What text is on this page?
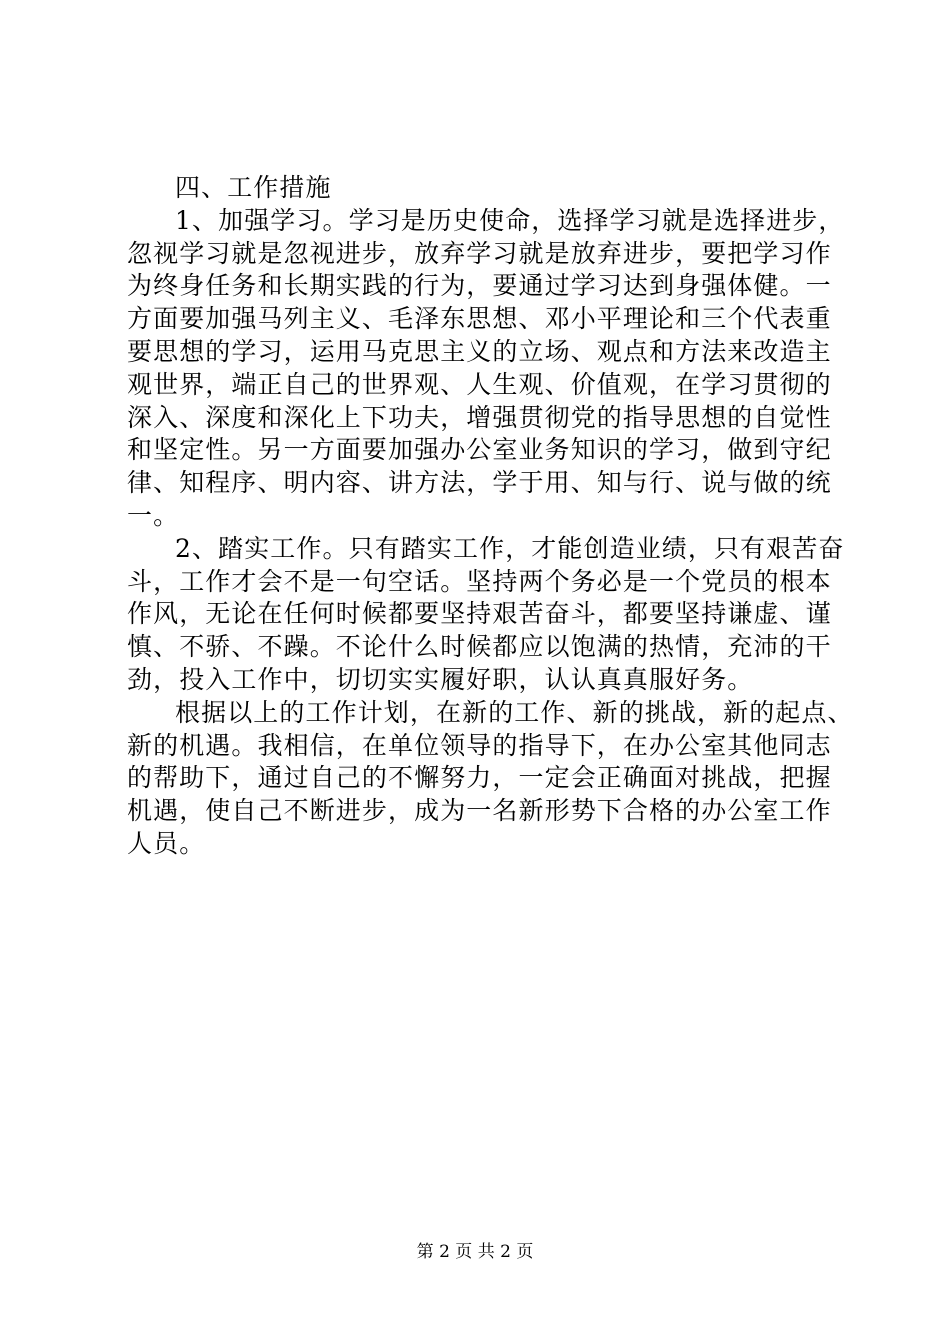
四、工作措施
1、加强学习。学习是历史使命，选择学习就是选择进步，
忽视学习就是忽视进步，放弃学习就是放弃进步，要把学习作
为终身任务和长期实践的行为，要通过学习达到身强体健。一
方面要加强马列主义、毛泽东思想、邓小平理论和三个代表重
要思想的学习，运用马克思主义的立场、观点和方法来改造主
观世界，端正自己的世界观、人生观、价值观，在学习贯彻的
深入、深度和深化上下功夫，增强贯彻党的指导思想的自觉性
和坚定性。另一方面要加强办公室业务知识的学习，做到守纪
律、知程序、明内容、讲方法，学于用、知与行、说与做的统
一。
2、踏实工作。只有踏实工作，才能创造业绩，只有艰苦奋
斗，工作才会不是一句空话。坚持两个务必是一个党员的根本
作风，无论在任何时候都要坚持艰苦奋斗，都要坚持谦虚、谨
慎、不骄、不躁。不论什么时候都应以饱满的热情，充沛的干
劲，投入工作中，切切实实履好职，认认真真服好务。
根据以上的工作计划，在新的工作、新的挑战，新的起点、
新的机遇。我相信，在单位领导的指导下，在办公室其他同志
的帮助下，通过自己的不懈努力，一定会正确面对挑战，把握
机遇，使自己不断进步，成为一名新形势下合格的办公室工作
人员。
第 2 页 共 2 页
